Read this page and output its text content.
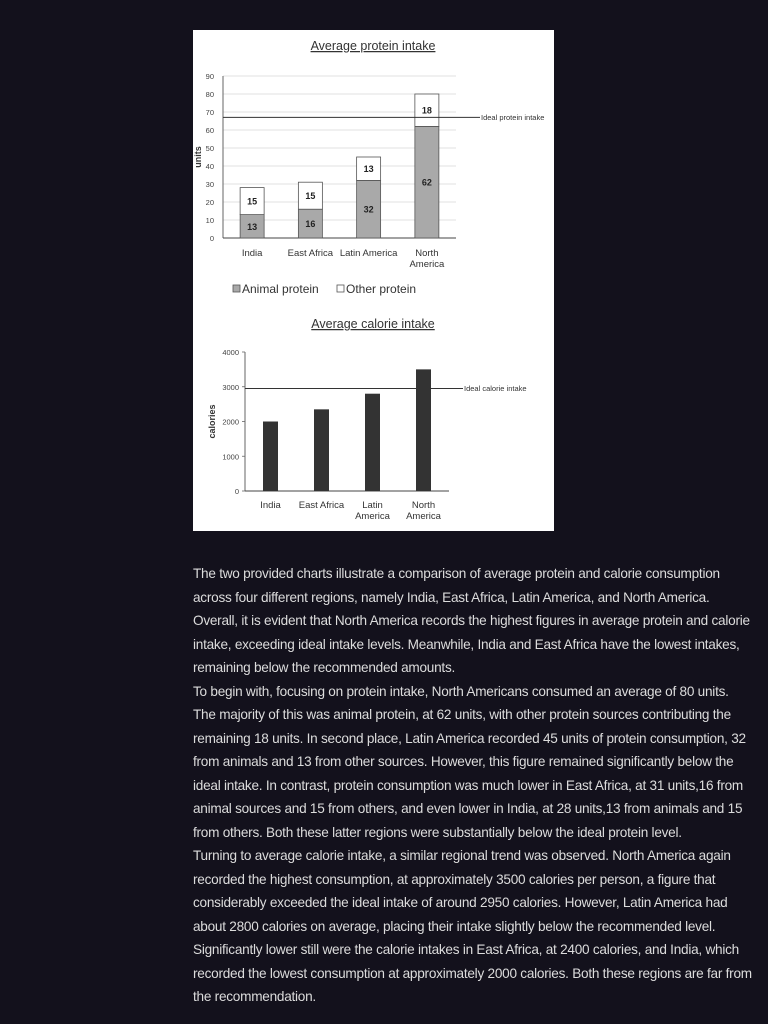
Average protein intake
0
10
20
30
40
50
60
70
80
90
units
13
15
India
16
15
East Africa
32
13
Latin America
62
18
North
America
Ideal protein intake
Animal protein Other protein
Average calorie intake
0
1000
2000
3000
4000
calories
India East Africa Latin
America
North
America
Ideal calorie intake

The two provided charts illustrate a comparison of average protein and calorie consumption across four different regions, namely India, East Africa, Latin America, and North America.

Overall, it is evident that North America records the highest figures in average protein and calorie intake, exceeding ideal intake levels. Meanwhile, India and East Africa have the lowest intakes, remaining below the recommended amounts.

To begin with, focusing on protein intake, North Americans consumed an average of 80 units. The majority of this was animal protein, at 62 units, with other protein sources contributing the remaining 18 units. In second place, Latin America recorded 45 units of protein consumption, 32 from animals and 13 from other sources. However, this figure remained significantly below the ideal intake. In contrast, protein consumption was much lower in East Africa, at 31 units,16 from animal sources and 15 from others, and even lower in India, at 28 units,13 from animals and 15 from others. Both these latter regions were substantially below the ideal protein level.

Turning to average calorie intake, a similar regional trend was observed. North America again recorded the highest consumption, at approximately 3500 calories per person, a figure that considerably exceeded the ideal intake of around 2950 calories. However, Latin America had about 2800 calories on average, placing their intake slightly below the recommended level. Significantly lower still were the calorie intakes in East Africa, at 2400 calories, and India, which recorded the lowest consumption at approximately 2000 calories. Both these regions are far from the recommendation.
